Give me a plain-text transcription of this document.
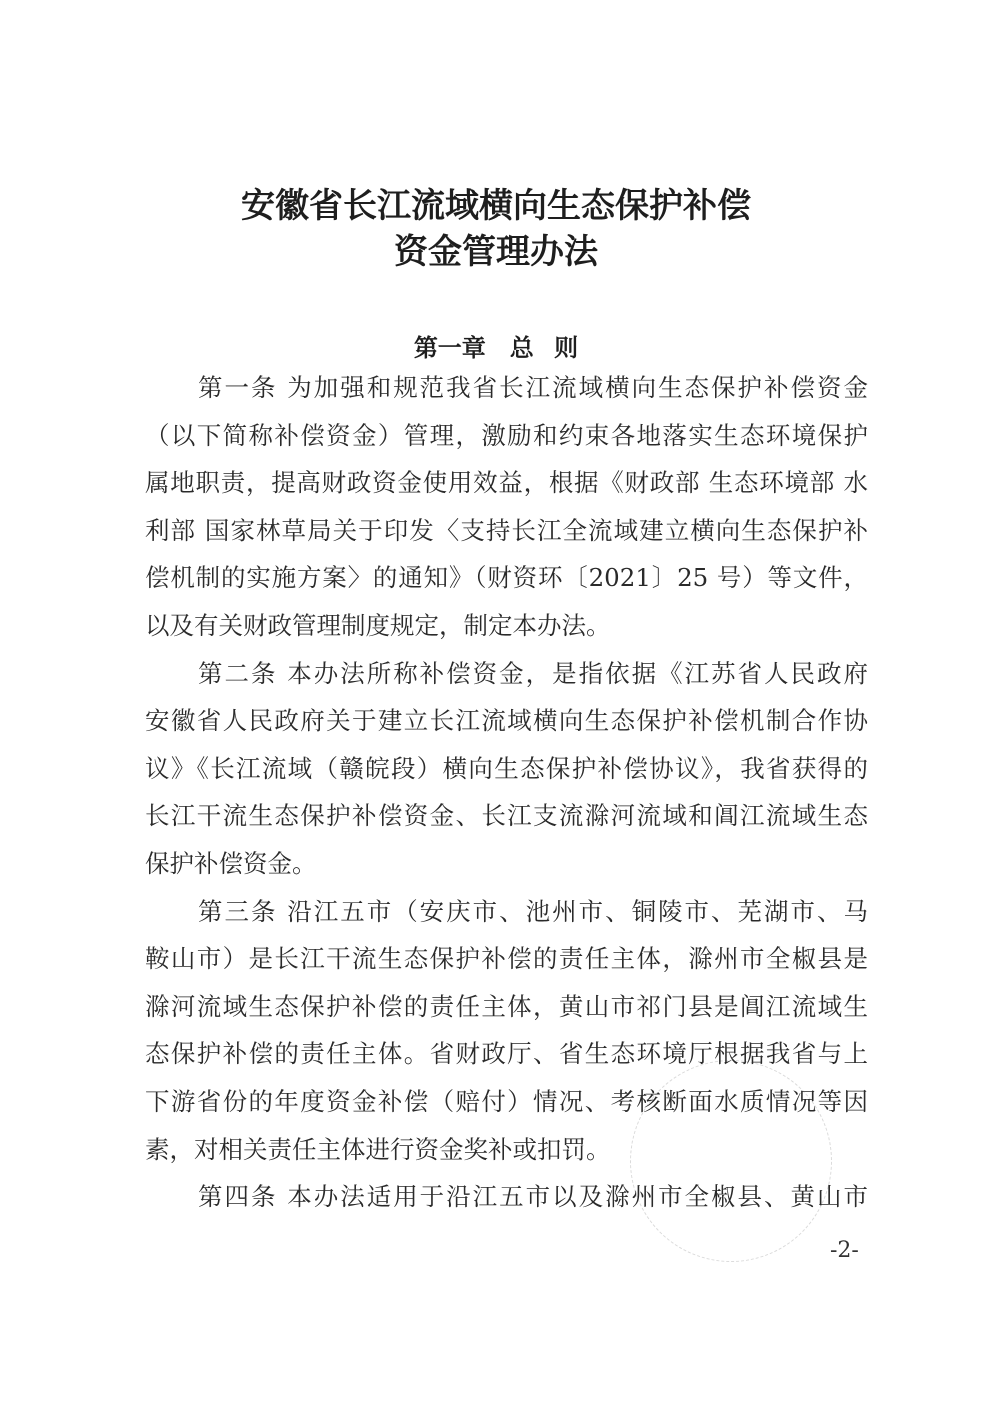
安徽省长江流域横向生态保护补偿
资金管理办法
第一章　总 则
第一条 为加强和规范我省长江流域横向生态保护补偿资金
（以下简称补偿资金）管理，激励和约束各地落实生态环境保护
属地职责，提高财政资金使用效益，根据《财政部 生态环境部 水
利部 国家林草局关于印发〈支持长江全流域建立横向生态保护补
偿机制的实施方案〉的通知》（财资环〔2021〕25 号）等文件，
以及有关财政管理制度规定，制定本办法。
第二条 本办法所称补偿资金，是指依据《江苏省人民政府
安徽省人民政府关于建立长江流域横向生态保护补偿机制合作协
议》《长江流域（赣皖段）横向生态保护补偿协议》，我省获得的
长江干流生态保护补偿资金、长江支流滁河流域和阊江流域生态
保护补偿资金。
第三条 沿江五市（安庆市、池州市、铜陵市、芜湖市、马
鞍山市）是长江干流生态保护补偿的责任主体，滁州市全椒县是
滁河流域生态保护补偿的责任主体，黄山市祁门县是阊江流域生
态保护补偿的责任主体。省财政厅、省生态环境厅根据我省与上
下游省份的年度资金补偿（赔付）情况、考核断面水质情况等因
素，对相关责任主体进行资金奖补或扣罚。
第四条 本办法适用于沿江五市以及滁州市全椒县、黄山市
-2-
